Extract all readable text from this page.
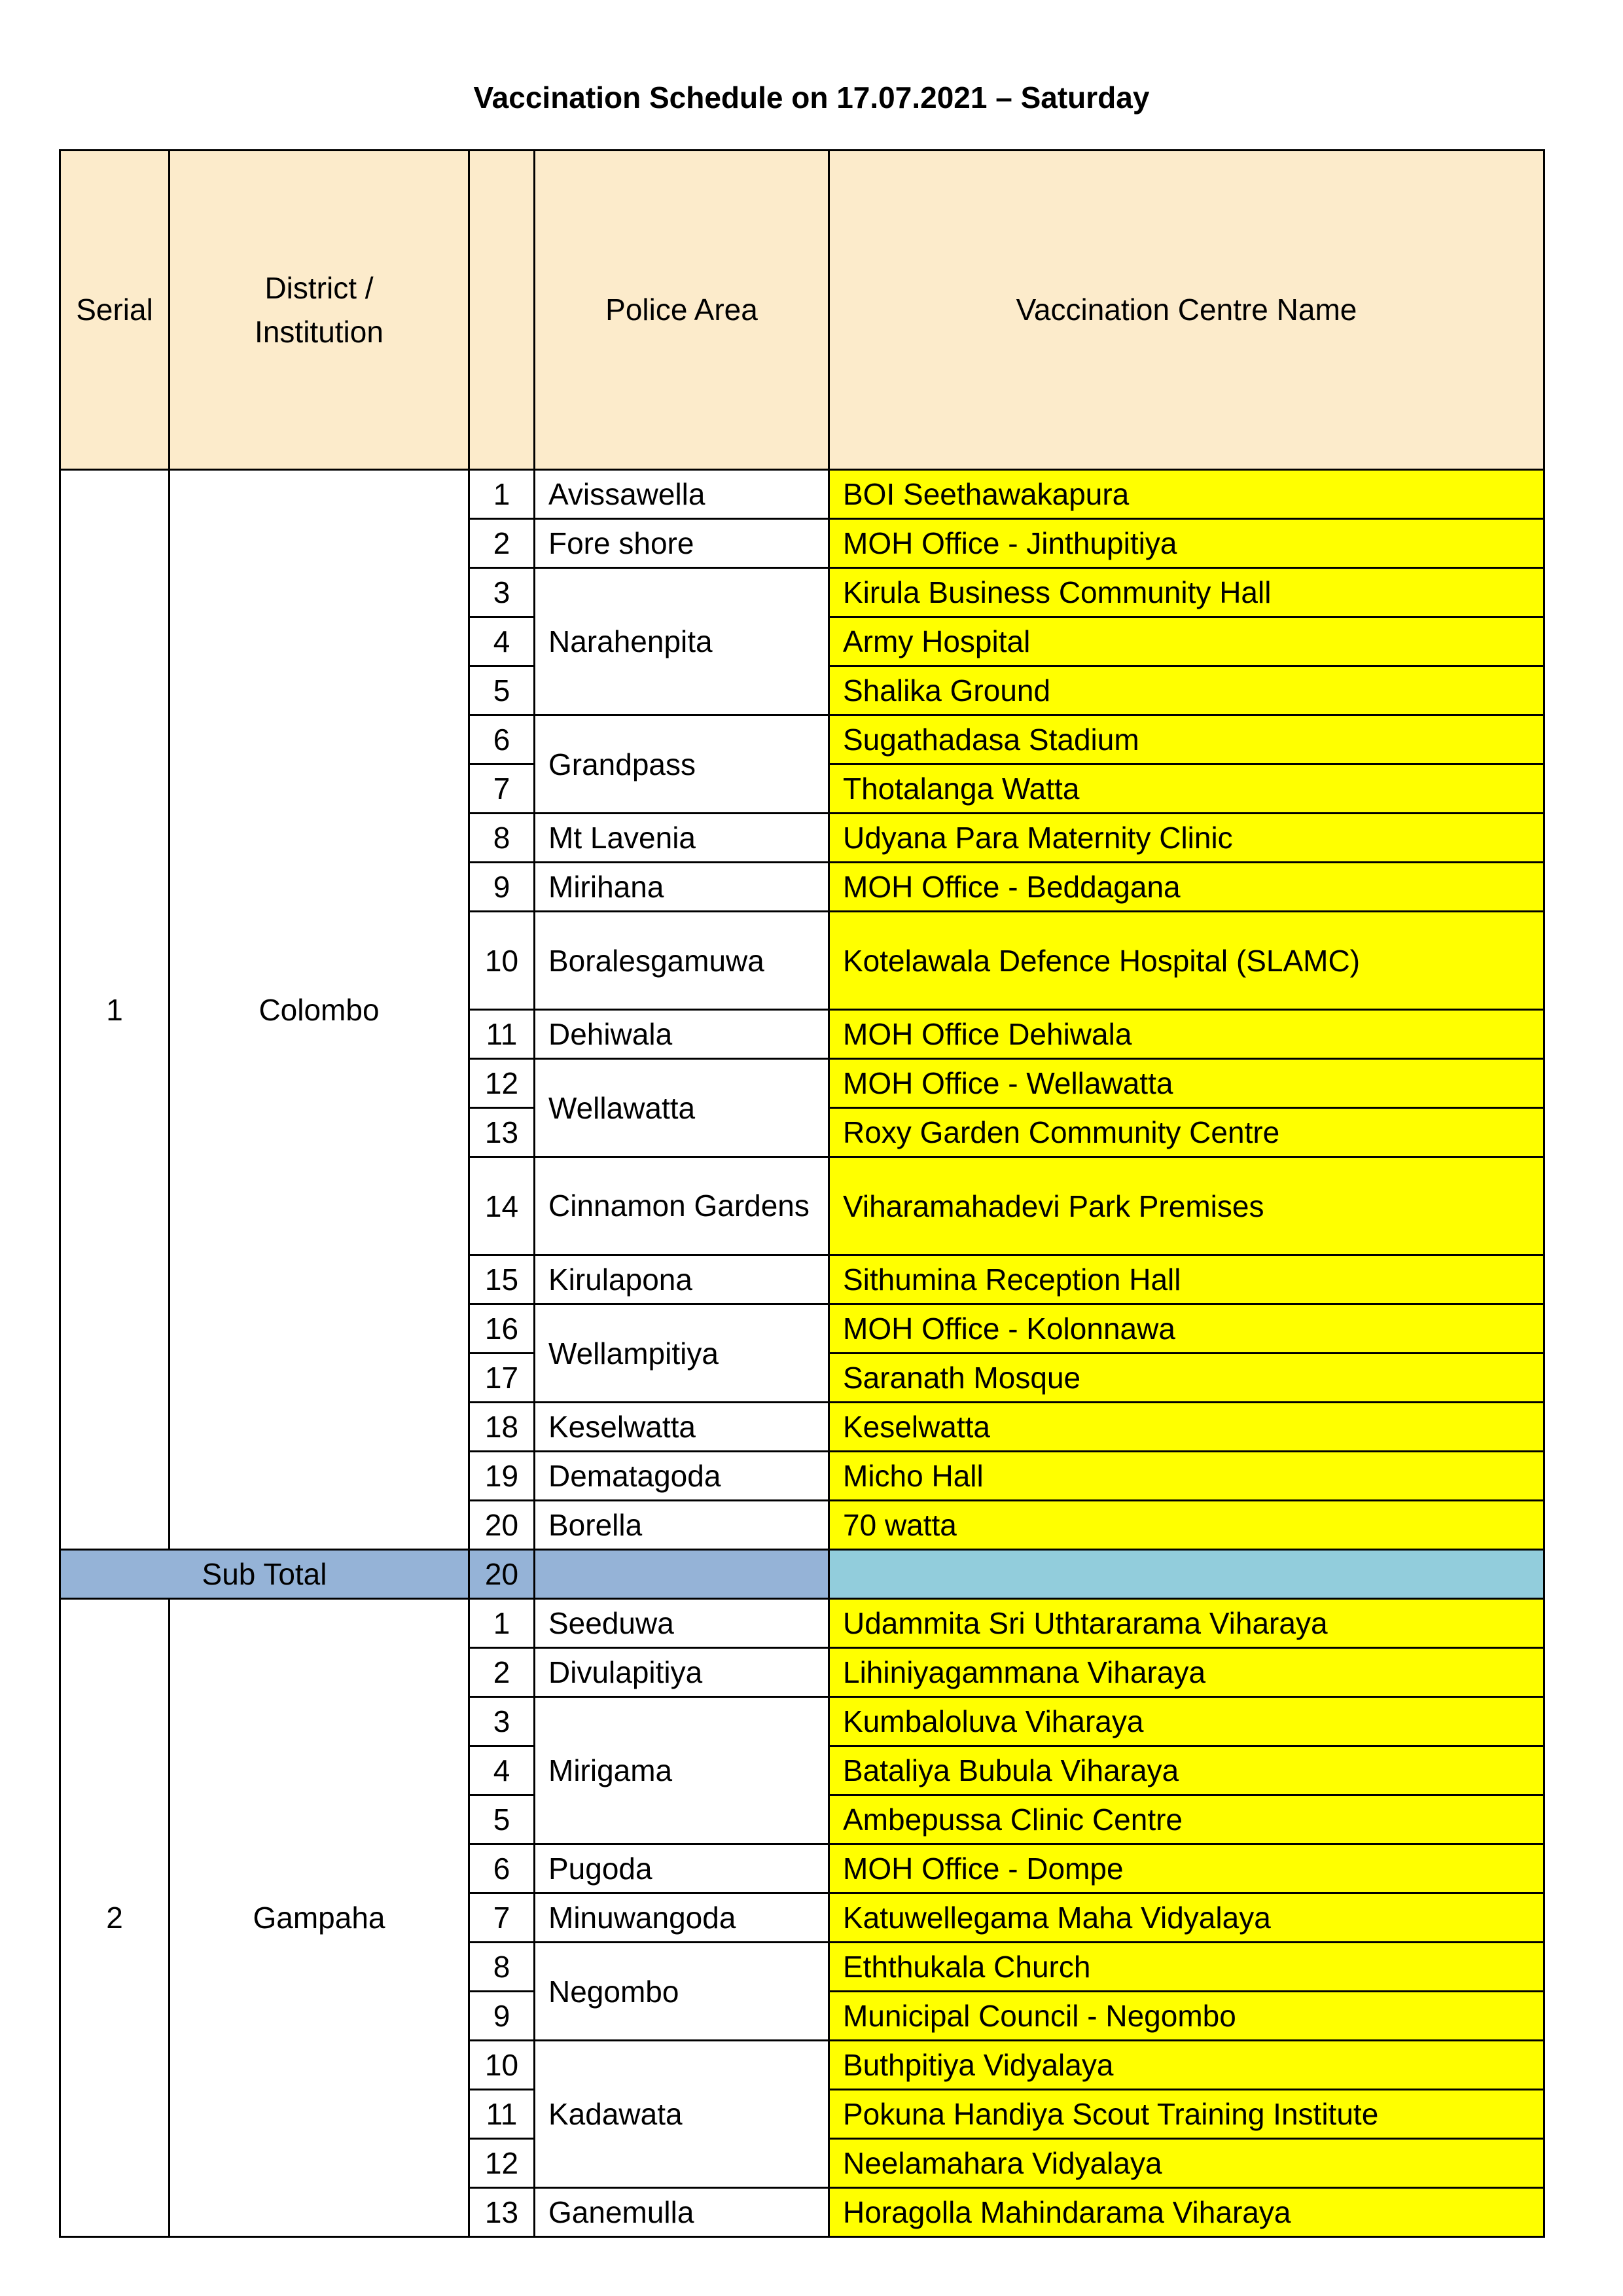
Vaccination Schedule on 17.07.2021 – Saturday
Serial	District / Institution		Police Area	Vaccination Centre Name
1	Colombo	1	Avissawella	BOI Seethawakapura
		2	Fore shore	MOH Office - Jinthupitiya
		3	Narahenpita	Kirula Business Community Hall
		4		Army Hospital
		5		Shalika Ground
		6	Grandpass	Sugathadasa Stadium
		7		Thotalanga Watta
		8	Mt Lavenia	Udyana Para Maternity Clinic
		9	Mirihana	MOH Office - Beddagana
		10	Boralesgamuwa	Kotelawala Defence Hospital (SLAMC)
		11	Dehiwala	MOH Office Dehiwala
		12	Wellawatta	MOH Office - Wellawatta
		13		Roxy Garden Community Centre
		14	Cinnamon Gardens	Viharamahadevi Park Premises
		15	Kirulapona	Sithumina Reception Hall
		16	Wellampitiya	MOH Office - Kolonnawa
		17		Saranath Mosque
		18	Keselwatta	Keselwatta
		19	Dematagoda	Micho Hall
		20	Borella	70 watta
Sub Total		20		
2	Gampaha	1	Seeduwa	Udammita Sri Uthtararama Viharaya
		2	Divulapitiya	Lihiniyagammana Viharaya
		3	Mirigama	Kumbaloluva Viharaya
		4		Bataliya Bubula Viharaya
		5		Ambepussa Clinic Centre
		6	Pugoda	MOH Office - Dompe
		7	Minuwangoda	Katuwellegama Maha Vidyalaya
		8	Negombo	Eththukala Church
		9		Municipal Council - Negombo
		10	Kadawata	Buthpitiya Vidyalaya
		11		Pokuna Handiya Scout Training Institute
		12		Neelamahara Vidyalaya
		13	Ganemulla	Horagolla Mahindarama Viharaya
